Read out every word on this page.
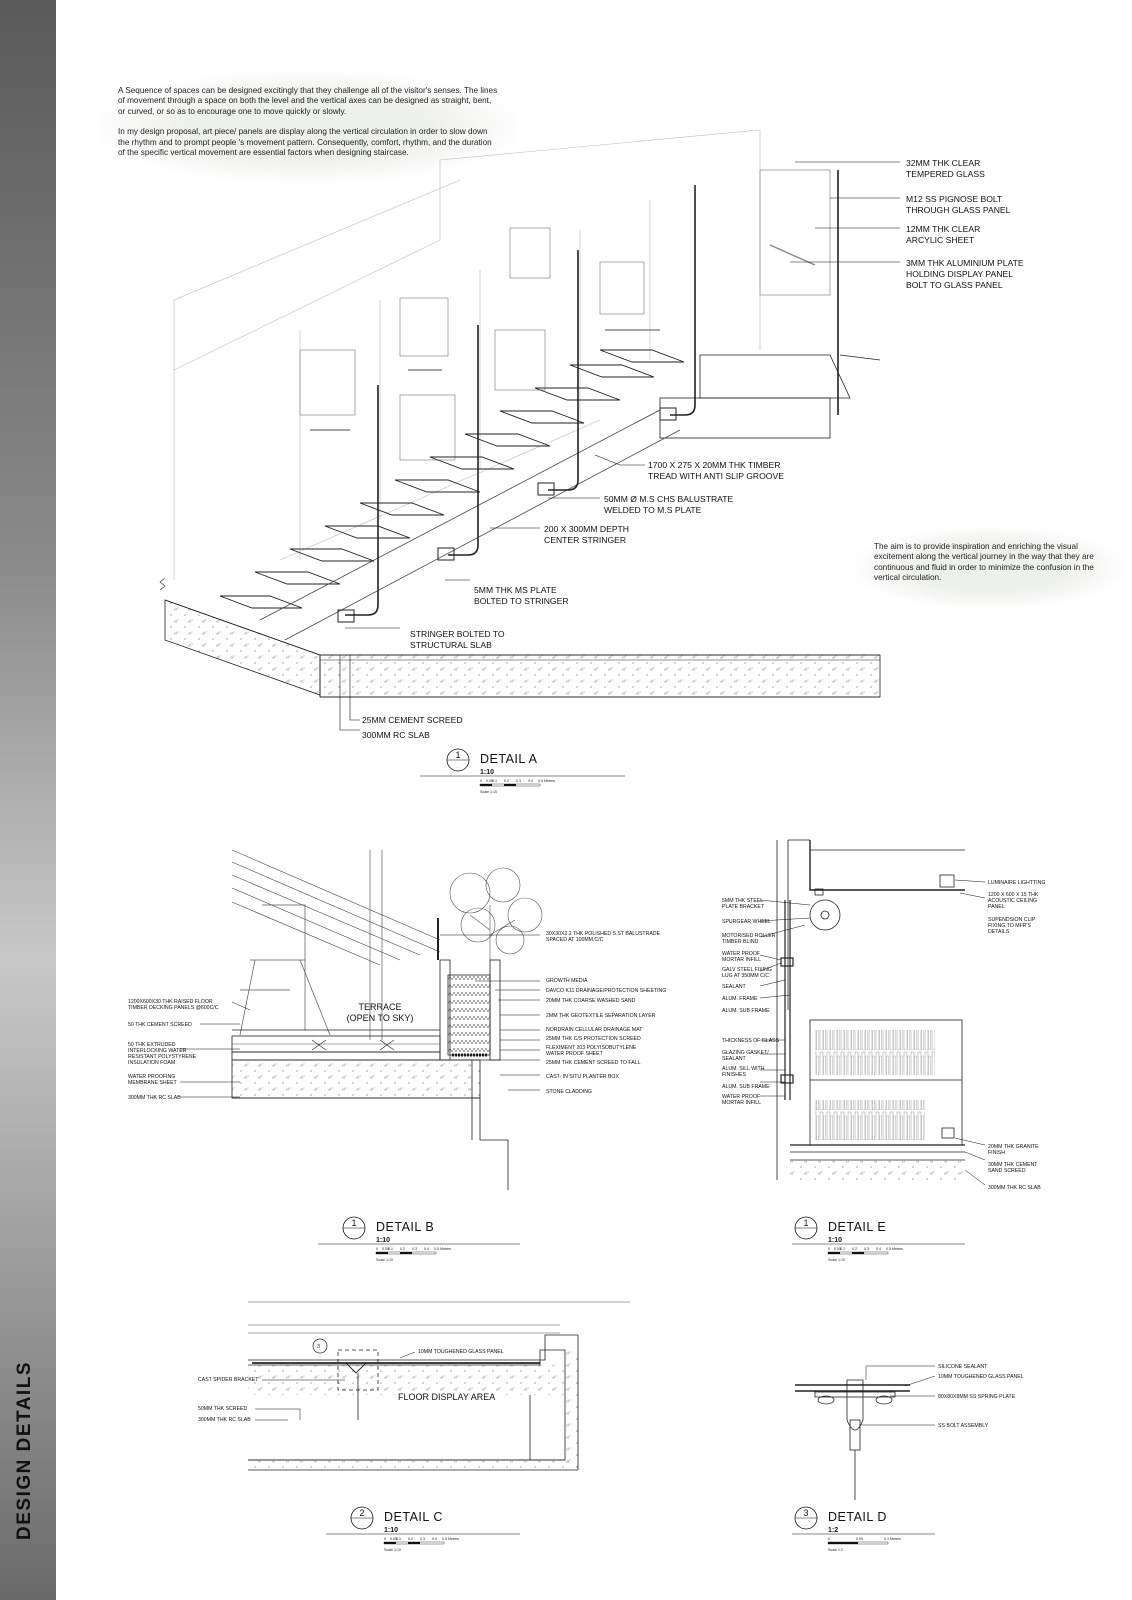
DESIGN DETAILS

A Sequence of spaces can be designed excitingly that they challenge all of the visitor's senses. The lines of movement through a space on both the level and the vertical axes can be designed as straight, bent, or curved, or so as to encourage one to move quickly or slowly.

In my design proposal, art piece/ panels are display along the vertical circulation in order to slow down the rhythm and to prompt people 's movement pattern. Consequently, comfort, rhythm, and the duration of the specific vertical movement are essential factors when designing staircase.

The aim is to provide inspiration and enriching the visual excitement along the vertical journey in the way that they are continuous and fluid in order to minimize the confusion in the vertical circulation.

32MM THK CLEAR
TEMPERED GLASS
M12 SS PIGNOSE BOLT
THROUGH GLASS PANEL
12MM THK CLEAR
ARCYLIC SHEET
3MM THK ALUMINIUM PLATE
HOLDING DISPLAY PANEL
BOLT TO GLASS PANEL
1700 X 275 X 20MM THK TIMBER
TREAD WITH ANTI SLIP GROOVE
50MM Ø M.S CHS BALUSTRATE
WELDED TO M.S PLATE
200 X 300MM DEPTH
CENTER STRINGER
5MM THK MS PLATE
BOLTED TO STRINGER
STRINGER BOLTED TO
STRUCTURAL SLAB
25MM CEMENT SCREED
300MM RC SLAB
1
-
DETAIL A
1:10
0 0.05 0.1 0.2 0.3 0.4 0.5 Metres
Scale 1:10
TERRACE
(OPEN TO SKY)
1200X600X30 THK RAISED FLOOR
TIMBER DECKING PANELS @600C/C
50 THK CEMENT SCREED
50 THK EXTRUDED
INTERLOCKING WATER
RESISTANT POLYSTYRENE
INSULATION FOAM
WATER PROOFING
MEMBRANE SHEET
300MM THK RC SLAB
30X30X2.2 THK POLISHED S.ST BALUSTRADE
SPACED AT 100MM.C/C
GROWTH MEDIA
DAVCO K11 DRAINAGE/PROTECTION SHEETING
20MM THK COARSE WASHED SAND
2MM THK GEOTEXTILE SEPARATION LAYER
NORDRAIN CELLULAR DRAINAGE MAT
25MM THK C/S PROTECTION SCREED
FLEXIMENT 203 POLYISOBUTYLENE
WATER PROOF SHEET
25MM THK CEMENT SCREED TO FALL
CAST- IN SITU PLANTER BOX
STONE CLADDING
1
-
DETAIL B
1:10
0 0.05 0.1 0.2 0.3 0.4 0.5 Metres
Scale 1:10
5MM THK STEEL
PLATE BRACKET
SPURGEAR WHEEL
MOTORISED ROLLER
TIMBER BLIND
WATER PROOF
MORTAR INFILL
GALV STEEL FIXING
LUG AT 350MM C/C
SEALANT
ALUM. FRAME
ALUM. SUB FRAME
THICKNESS OF GLASS
GLAZING GASKET/
SEALANT
ALUM. SILL WITH
FINISHES
ALUM. SUB FRAME
WATER PROOF
MORTAR INFILL
LUMINAIRE LIGHTTING
1200 X 600 X 15 THK
ACOUSTIC CEILING
PANEL
SUPENDSION CLIP
FIXING TO MFR'S
DETAILS
20MM THK GRANITE
FINISH
30MM THK CEMENT
SAND SCREED
300MM THK RC SLAB
1
-
DETAIL E
1:10
0 0.05 0.1 0.2 0.3 0.4 0.5 Metres
Scale 1:10
3
10MM TOUGHENED GLASS PANEL
CAST SPIDER BRACKET
50MM THK SCREED
300MM THK RC SLAB
FLOOR DISPLAY AREA
2
-
DETAIL C
1:10
0 0.05 0.1 0.2 0.3 0.4 0.5 Metres
Scale 1:10
SILICONE SEALANT
10MM TOUGHENED GLASS PANEL
80X80X8MM SS SPRING PLATE
SS BOLT ASSEMBLY
3
-
DETAIL D
1:2
0	0.05	0.1 Metres
Scale 1:2
